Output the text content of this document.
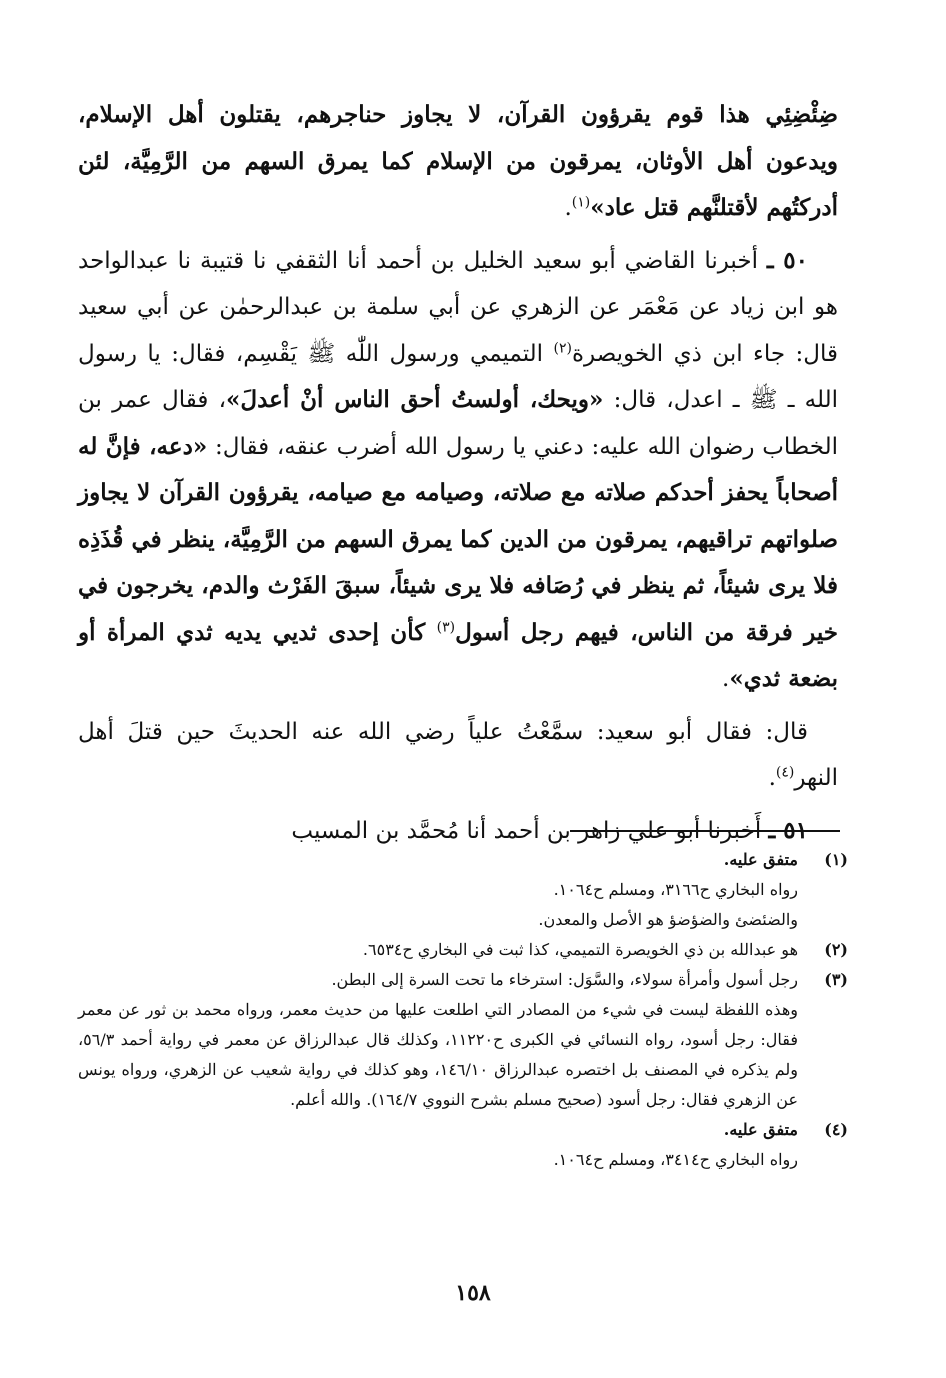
ضِئْضِئِي هذا قوم يقرؤون القرآن، لا يجاوز حناجرهم، يقتلون أهل الإسلام، ويدعون أهل الأوثان، يمرقون من الإسلام كما يمرق السهم من الرَّمِيَّة، لئن أدركتُهم لأقتلنَّهم قتل عاد»$^{(١)}$.

٥٠ ـ أخبرنا القاضي أبو سعيد الخليل بن أحمد أنا الثقفي نا قتيبة نا عبدالواحد هو ابن زياد عن مَعْمَر عن الزهري عن أبي سلمة بن عبدالرحمٰن عن أبي سعيد قال: جاء ابن ذي الخويصرة$^{(٢)}$ التميمي ورسول اللّٰه ﷺ يَقْسِم، فقال: يا رسول الله ـ ﷺ ـ اعدل، قال: «ويحك، أولستُ أحق الناس أنْ أعدلَ»، فقال عمر بن الخطاب رضوان الله عليه: دعني يا رسول الله أضرب عنقه، فقال: «دعه، فإنَّ له أصحاباً يحفز أحدكم صلاته مع صلاته، وصيامه مع صيامه، يقرؤون القرآن لا يجاوز صلواتهم تراقيهم، يمرقون من الدين كما يمرق السهم من الرَّمِيَّة، ينظر في قُذَذِه فلا يرى شيئاً، ثم ينظر في رُصَافه فلا يرى شيئاً، سبقَ الفَرْث والدم، يخرجون في خير فرقة من الناس، فيهم رجل أسول$^{(٣)}$ كأن إحدى ثديي يديه ثدي المرأة أو بضعة ثدي».

قال: فقال أبو سعيد: سمَّعْتُ علياً رضي الله عنه الحديثَ حين قتلَ أهل النهر$^{(٤)}$.

٥١ ـ أَخبرنا أبو علي زاهر بن أحمد أنا مُحمَّد بن المسيب

(١)
متفق عليه.
رواه البخاري ح٣١٦٦، ومسلم ح١٠٦٤.
والضئضئ والضؤضؤ هو الأصل والمعدن.
(٢)
هو عبدالله بن ذي الخويصرة التميمي، كذا ثبت في البخاري ح٦٥٣٤.
(٣)
رجل أسول وأمرأة سولاء، والسَّوَل: استرخاء ما تحت السرة إلى البطن.
وهذه اللفظة ليست في شيء من المصادر التي اطلعت عليها من حديث معمر، ورواه محمد بن ثور عن معمر فقال: رجل أسود، رواه النسائي في الكبرى ح١١٢٢٠، وكذلك قال عبدالرزاق عن معمر في رواية أحمد ٥٦/٣، ولم يذكره في المصنف بل اختصره عبدالرزاق ١٤٦/١٠، وهو كذلك في رواية شعيب عن الزهري، ورواه يونس عن الزهري فقال: رجل أسود (صحيح مسلم بشرح النووي ١٦٤/٧). والله أعلم.
(٤)
متفق عليه.
رواه البخاري ح٣٤١٤، ومسلم ح١٠٦٤.
١٥٨
